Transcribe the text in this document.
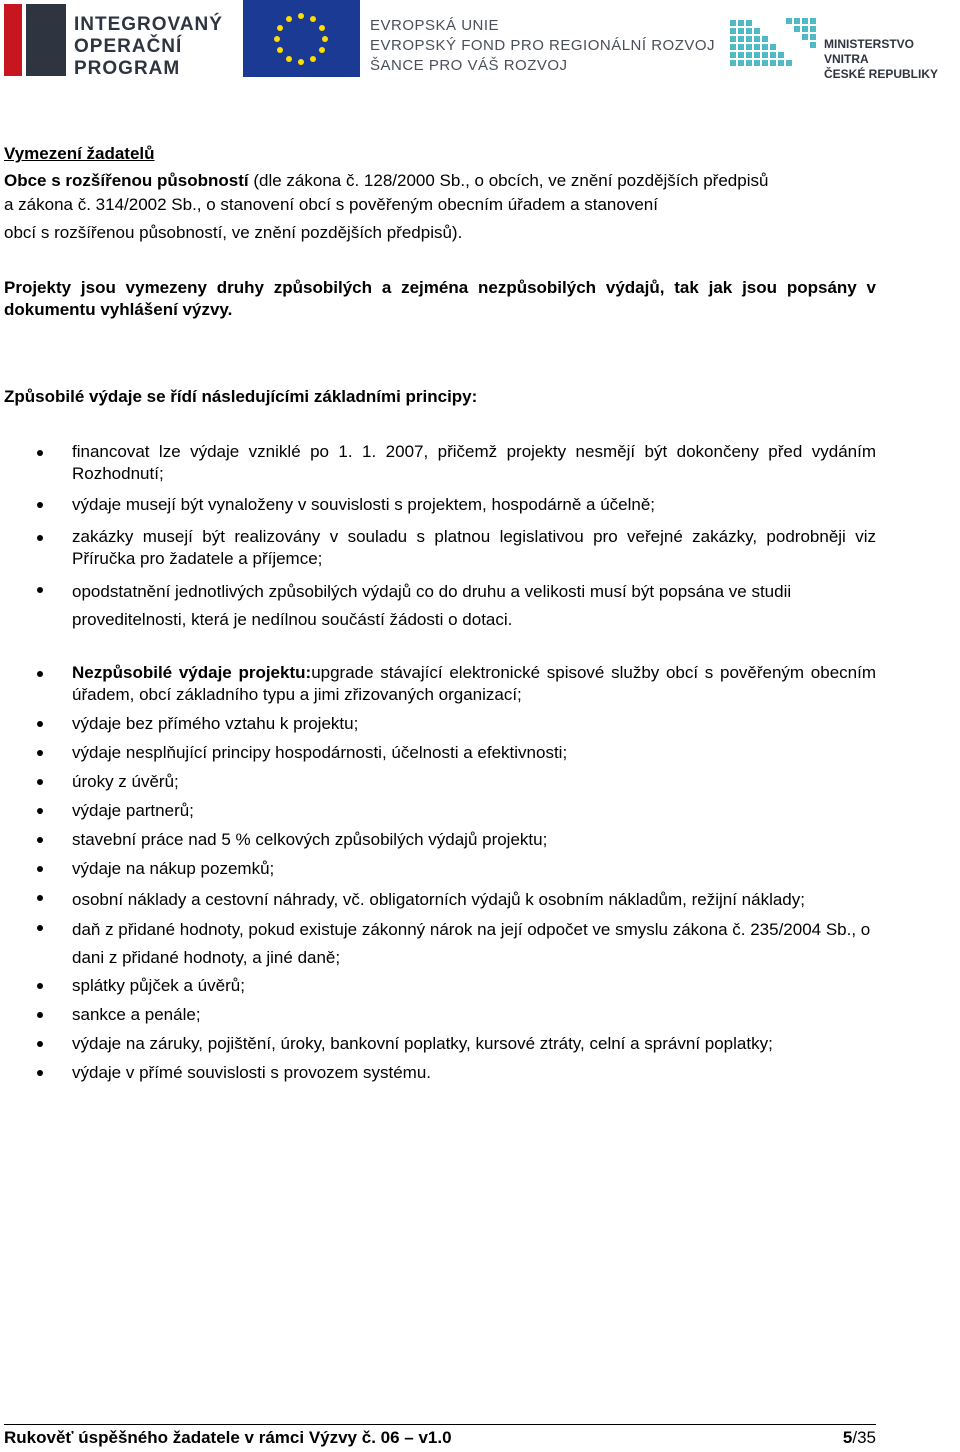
INTEGROVANÝ
OPERAČNÍ
PROGRAM
EVROPSKÁ UNIE
EVROPSKÝ FOND PRO REGIONÁLNÍ ROZVOJ
ŠANCE PRO VÁŠ ROZVOJ
MINISTERSTVO VNITRA
ČESKÉ REPUBLIKY
Vymezení žadatelů
Obce s rozšířenou působností (dle zákona č. 128/2000 Sb., o obcích, ve znění pozdějších předpisů
a zákona č. 314/2002 Sb., o stanovení obcí s pověřeným obecním úřadem a stanovení
obcí s rozšířenou působností, ve znění pozdějších předpisů).

Projekty jsou vymezeny druhy způsobilých a zejména nezpůsobilých výdajů, tak jak jsou popsány v dokumentu vyhlášení výzvy.

Způsobilé výdaje se řídí následujícími základními principy:
financovat lze výdaje vzniklé po 1. 1. 2007, přičemž projekty nesmějí být dokončeny před vydáním Rozhodnutí;
výdaje musejí být vynaloženy v souvislosti s projektem, hospodárně a účelně;
zakázky musejí být realizovány v souladu s platnou legislativou pro veřejné zakázky, podrobněji viz Příručka pro žadatele a příjemce;
opodstatnění jednotlivých způsobilých výdajů co do druhu a velikosti musí být popsána ve studii proveditelnosti, která je nedílnou součástí žádosti o dotaci.
Nezpůsobilé výdaje projektu:upgrade stávající elektronické spisové služby obcí s pověřeným obecním úřadem, obcí základního typu a jimi zřizovaných organizací;
výdaje bez přímého vztahu k projektu;
výdaje nesplňující principy hospodárnosti, účelnosti a efektivnosti;
úroky z úvěrů;
výdaje partnerů;
stavební práce nad 5 % celkových způsobilých výdajů projektu;
výdaje na nákup pozemků;
osobní náklady a cestovní náhrady, vč. obligatorních výdajů k osobním nákladům, režijní náklady;
daň z přidané hodnoty, pokud existuje zákonný nárok na její odpočet ve smyslu zákona č. 235/2004 Sb., o dani z přidané hodnoty, a jiné daně;
splátky půjček a úvěrů;
sankce a penále;
výdaje na záruky, pojištění, úroky, bankovní poplatky, kursové ztráty, celní a správní poplatky;
výdaje v přímé souvislosti s provozem systému.
Rukověť úspěšného žadatele v rámci Výzvy č. 06 – v1.0	5/35
